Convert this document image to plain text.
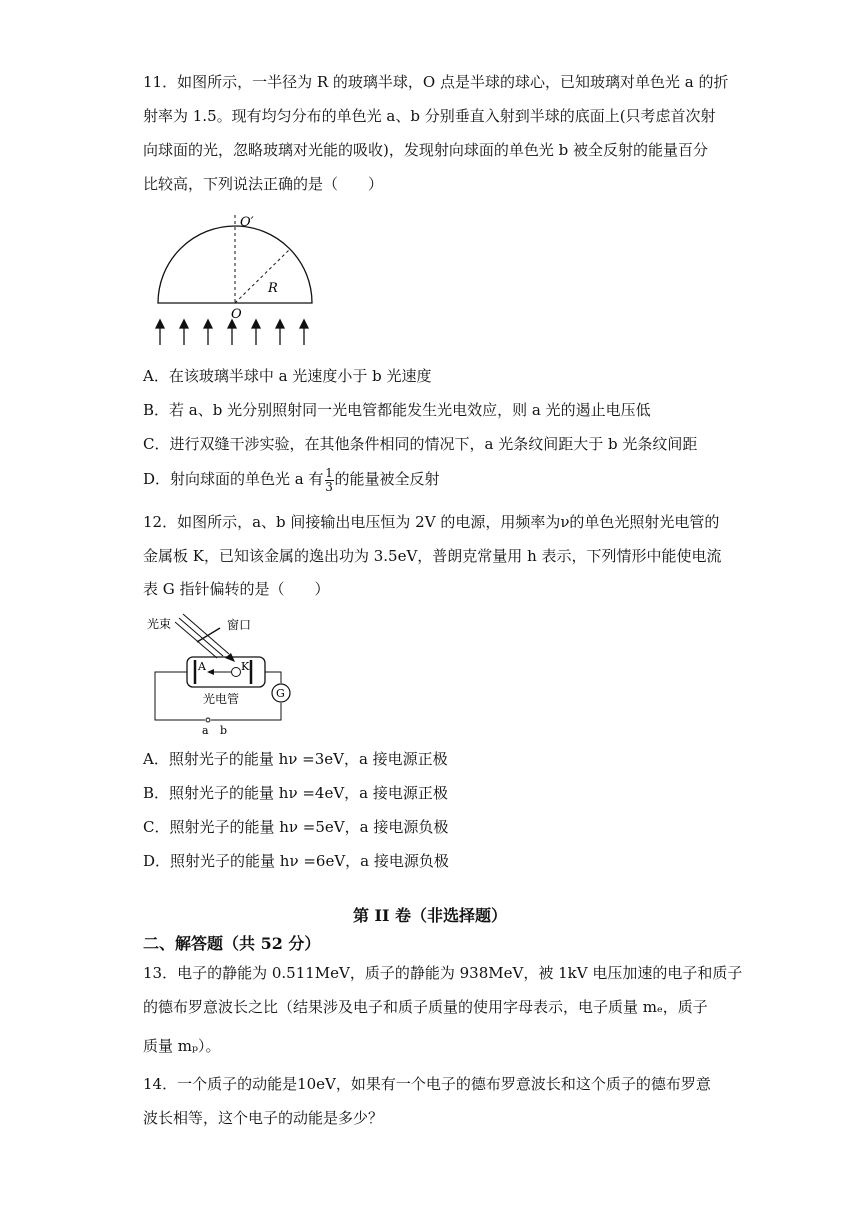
11．如图所示，一半径为 R 的玻璃半球，O 点是半球的球心，已知玻璃对单色光 a 的折
射率为 1.5。现有均匀分布的单色光 a、b 分别垂直入射到半球的底面上(只考虑首次射
向球面的光，忽略玻璃对光能的吸收)，发现射向球面的单色光 b 被全反射的能量百分
比较高，下列说法正确的是（　　）
O′
R
O
A．在该玻璃半球中 a 光速度小于 b 光速度
B．若 a、b 光分别照射同一光电管都能发生光电效应，则 a 光的遏止电压低
C．进行双缝干涉实验，在其他条件相同的情况下，a 光条纹间距大于 b 光条纹间距
D．射向球面的单色光 a 有 $\frac{1}{3}$ 的能量被全反射
12．如图所示，a、b 间接输出电压恒为 2V 的电源，用频率为ν的单色光照射光电管的
金属板 K，已知该金属的逸出功为 3.5eV，普朗克常量用 h 表示，下列情形中能使电流
表 G 指针偏转的是（　　）
光束	窗口
A	K
光电管	G
a b
A．照射光子的能量 hν =3eV，a 接电源正极
B．照射光子的能量 hν =4eV，a 接电源正极
C．照射光子的能量 hν =5eV，a 接电源负极
D．照射光子的能量 hν =6eV，a 接电源负极
第 II 卷（非选择题）
二、解答题（共 52 分）
13．电子的静能为 0.511MeV，质子的静能为 938MeV，被 1kV 电压加速的电子和质子
的德布罗意波长之比（结果涉及电子和质子质量的使用字母表示，电子质量 mₑ，质子
质量 mₚ）。
14．一个质子的动能是10eV，如果有一个电子的德布罗意波长和这个质子的德布罗意
波长相等，这个电子的动能是多少？
